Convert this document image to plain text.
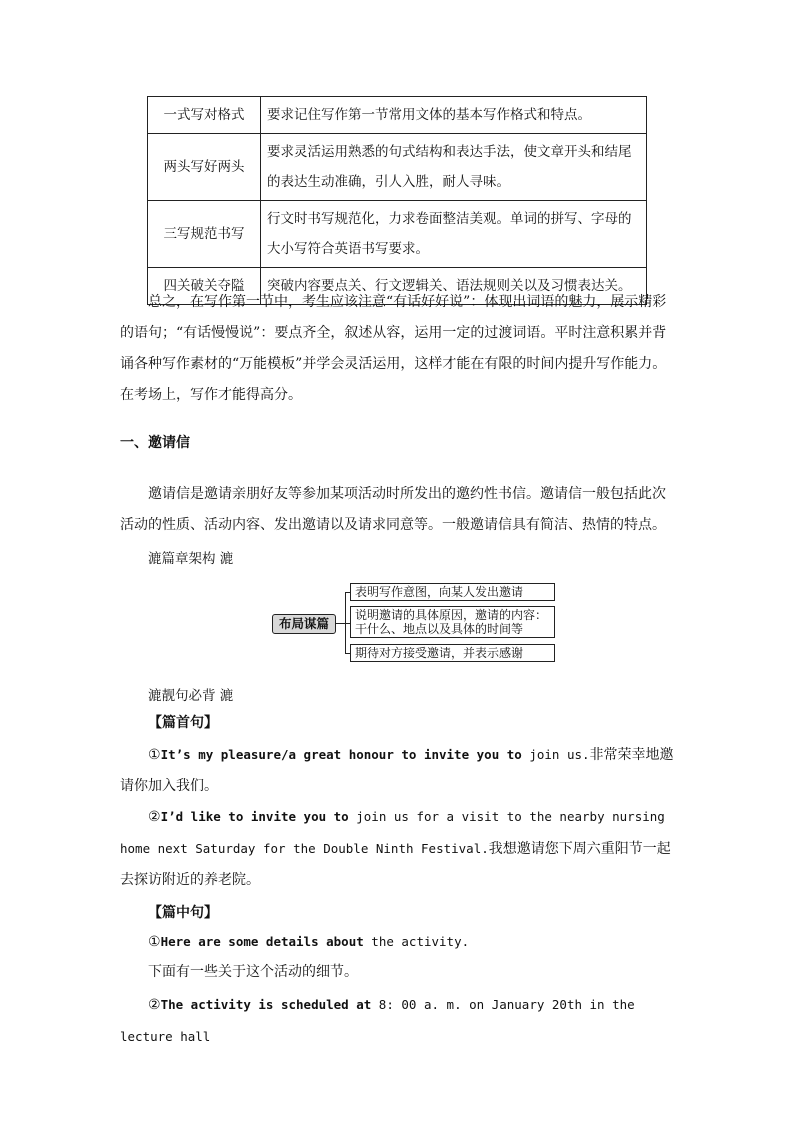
一式写对格式	要求记住写作第一节常用文体的基本写作格式和特点。
两头写好两头	要求灵活运用熟悉的句式结构和表达手法，使文章开头和结尾的表达生动准确，引人入胜，耐人寻味。
三写规范书写	行文时书写规范化，力求卷面整洁美观。单词的拼写、字母的大小写符合英语书写要求。
四关破关夺隘	突破内容要点关、行文逻辑关、语法规则关以及习惯表达关。
总之，在写作第一节中，考生应该注意“有话好好说”：体现出词语的魅力，展示精彩的语句；“有话慢慢说”：要点齐全，叙述从容，运用一定的过渡词语。平时注意积累并背诵各种写作素材的“万能模板”并学会灵活运用，这样才能在有限的时间内提升写作能力。在考场上，写作才能得高分。
一、邀请信
邀请信是邀请亲朋好友等参加某项活动时所发出的邀约性书信。邀请信一般包括此次活动的性质、活动内容、发出邀请以及请求同意等。一般邀请信具有简洁、热情的特点。
漉篇章架构 漉
布局谋篇
表明写作意图，向某人发出邀请
说明邀请的具体原因，邀请的内容：
干什么、地点以及具体的时间等
期待对方接受邀请，并表示感谢
漉靓句必背 漉
【篇首句】
①It’s my pleasure/a great honour to invite you to join us.非常荣幸地邀请你加入我们。
②I’d like to invite you to join us for a visit to the nearby nursing home next Saturday for the Double Ninth Festival.我想邀请您下周六重阳节一起去探访附近的养老院。
【篇中句】
①Here are some details about the activity.
下面有一些关于这个活动的细节。
②The activity is scheduled at 8: 00 a. m. on January 20th in the lecture hall
